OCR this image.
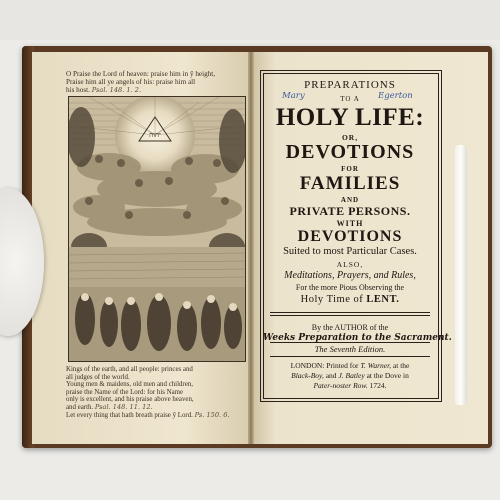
O Praise the Lord of heaven: praise him in ŷ height,
Praise him all ye angels of his: praise him all
his host. Psal. 148. 1. 2.
יהוה
Kings of the earth, and all people: princes and
all judges of the world.
Young men & maidens, old men and children,
praise the Name of the Lord: for his Name
only is excellent, and his praise above heaven,
and earth. Psal. 148. 11. 12.
Let every thing that hath breath praise ŷ Lord. Ps. 150. 6.
PREPARATIONS
Mary	TO A	Egerton
HOLY LIFE:
OR,
DEVOTIONS
FOR
FAMILIES
AND
PRIVATE PERSONS.
WITH
DEVOTIONS
Suited to most Particular Cases.
ALSO,
Meditations, Prayers, and Rules,
For the more Pious Observing the
Holy Time of LENT.
By the AUTHOR of the
Weeks Preparation to the Sacrament.
The Seventh Edition.
LONDON: Printed for T. Warner, at the
Black-Boy, and J. Batley at the Dove in
Pater-noster Row. 1724.
